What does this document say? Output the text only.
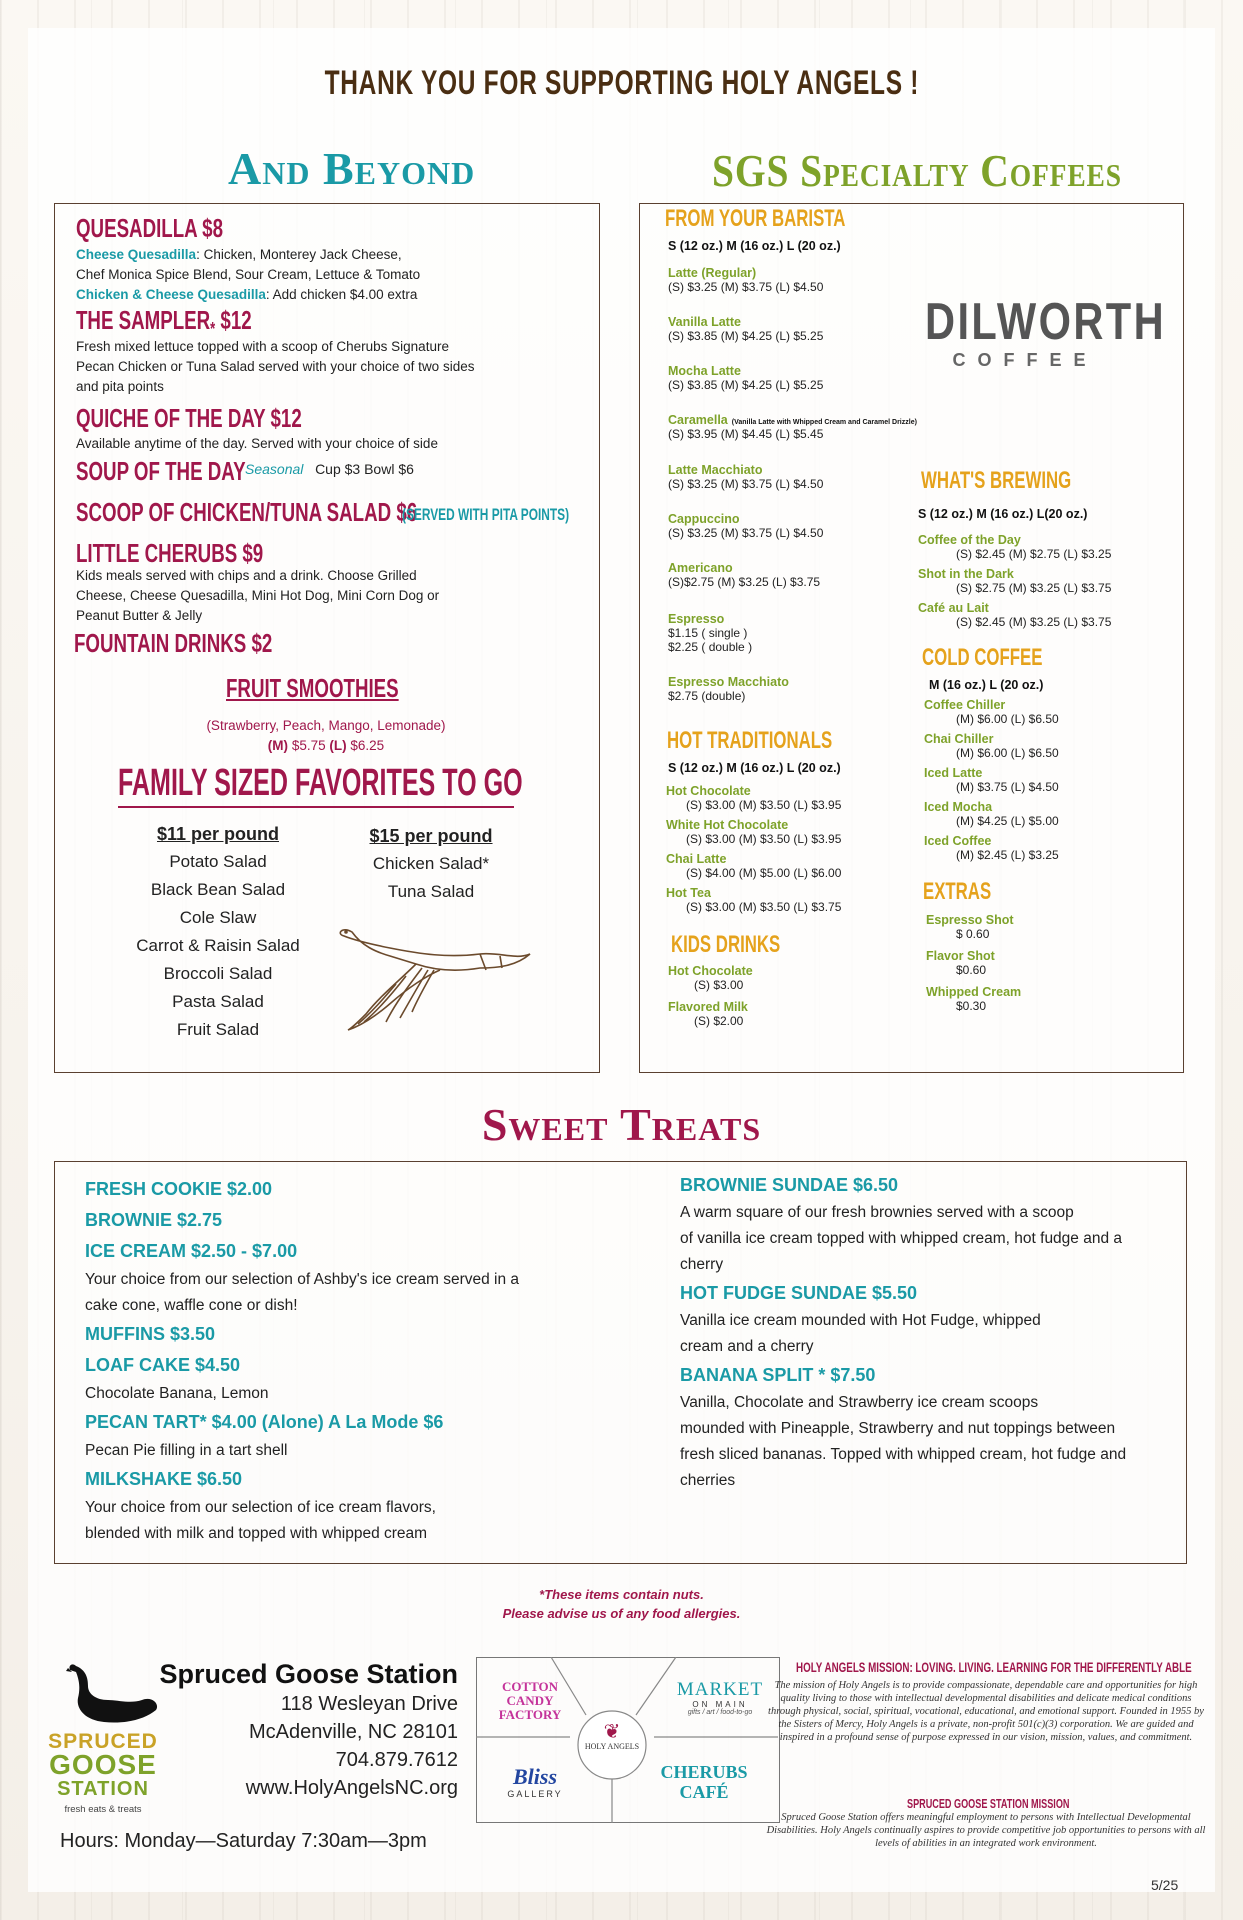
THANK YOU FOR SUPPORTING HOLY ANGELS !
And Beyond	SGS Specialty Coffees
QUESADILLA $8
Cheese Quesadilla: Chicken, Monterey Jack Cheese,
Chef Monica Spice Blend, Sour Cream, Lettuce & Tomato
Chicken & Cheese Quesadilla: Add chicken $4.00 extra
THE $SAMPLER_*$ $12
Fresh mixed lettuce topped with a scoop of Cherubs Signature
Pecan Chicken or Tuna Salad served with your choice of two sides
and pita points
QUICHE OF THE DAY $12
Available anytime of the day. Served with your choice of side
SOUP OF THE DAY Seasonal Cup $3 Bowl $6
SCOOP OF CHICKEN/TUNA SALAD $6
(SERVED WITH PITA POINTS)
LITTLE CHERUBS $9
Kids meals served with chips and a drink. Choose Grilled
Cheese, Cheese Quesadilla, Mini Hot Dog, Mini Corn Dog or
Peanut Butter & Jelly
FOUNTAIN DRINKS $2
FRUIT SMOOTHIES
(Strawberry, Peach, Mango, Lemonade)
(M) $5.75 (L) $6.25
FAMILY SIZED FAVORITES TO GO
$11 per pound
Potato Salad
Black Bean Salad
Cole Slaw
Carrot & Raisin Salad
Broccoli Salad
Pasta Salad
Fruit Salad
$15 per pound
Chicken Salad*
Tuna Salad
FROM YOUR BARISTA
S (12 oz.) M (16 oz.) L (20 oz.)
Latte (Regular)
(S) $3.25 (M) $3.75 (L) $4.50
Vanilla Latte
(S) $3.85 (M) $4.25 (L) $5.25
Mocha Latte
(S) $3.85 (M) $4.25 (L) $5.25
Caramella (Vanilla Latte with Whipped Cream and Caramel Drizzle)
(S) $3.95 (M) $4.45 (L) $5.45
Latte Macchiato
(S) $3.25 (M) $3.75 (L) $4.50
Cappuccino
(S) $3.25 (M) $3.75 (L) $4.50
Americano
(S)$2.75 (M) $3.25 (L) $3.75
Espresso
$1.15 ( single )
$2.25 ( double )
Espresso Macchiato
$2.75 (double)
HOT TRADITIONALS
S (12 oz.) M (16 oz.) L (20 oz.)
Hot Chocolate
(S) $3.00 (M) $3.50 (L) $3.95
White Hot Chocolate
(S) $3.00 (M) $3.50 (L) $3.95
Chai Latte
(S) $4.00 (M) $5.00 (L) $6.00
Hot Tea
(S) $3.00 (M) $3.50 (L) $3.75
KIDS DRINKS
Hot Chocolate
(S) $3.00
Flavored Milk
(S) $2.00
DILWORTH
COFFEE
WHAT'S BREWING
S (12 oz.) M (16 oz.) L(20 oz.)
Coffee of the Day
(S) $2.45 (M) $2.75 (L) $3.25
Shot in the Dark
(S) $2.75 (M) $3.25 (L) $3.75
Café au Lait
(S) $2.45 (M) $3.25 (L) $3.75
COLD COFFEE
M (16 oz.) L (20 oz.)
Coffee Chiller
(M) $6.00 (L) $6.50
Chai Chiller
(M) $6.00 (L) $6.50
Iced Latte
(M) $3.75 (L) $4.50
Iced Mocha
(M) $4.25 (L) $5.00
Iced Coffee
(M) $2.45 (L) $3.25
EXTRAS
Espresso Shot
$ 0.60
Flavor Shot
$0.60
Whipped Cream
$0.30
Sweet Treats
FRESH COOKIE $2.00
BROWNIE $2.75
ICE CREAM $2.50 - $7.00
Your choice from our selection of Ashby's ice cream served in a
cake cone, waffle cone or dish!
MUFFINS $3.50
LOAF CAKE $4.50
Chocolate Banana, Lemon
PECAN TART* $4.00 (Alone) A La Mode $6
Pecan Pie filling in a tart shell
MILKSHAKE $6.50
Your choice from our selection of ice cream flavors,
blended with milk and topped with whipped cream
BROWNIE SUNDAE $6.50
A warm square of our fresh brownies served with a scoop
of vanilla ice cream topped with whipped cream, hot fudge and a
cherry
HOT FUDGE SUNDAE $5.50
Vanilla ice cream mounded with Hot Fudge, whipped
cream and a cherry
BANANA SPLIT * $7.50
Vanilla, Chocolate and Strawberry ice cream scoops
mounded with Pineapple, Strawberry and nut toppings between
fresh sliced bananas. Topped with whipped cream, hot fudge and
cherries
*These items contain nuts.
Please advise us of any food allergies.
SPRUCED
GOOSE
STATION
fresh eats & treats
Spruced Goose Station
118 Wesleyan Drive
McAdenville, NC 28101
704.879.7612
www.HolyAngelsNC.org
Hours: Monday—Saturday 7:30am—3pm
COTTON CANDY FACTORY
❦
HOLY ANGELS
MARKET
ON MAIN
gifts / art / food-to-go
Bliss
GALLERY
CHERUBS CAFÉ
HOLY ANGELS MISSION: LOVING. LIVING. LEARNING FOR THE DIFFERENTLY ABLE
The mission of Holy Angels is to provide compassionate, dependable care and opportunities for high quality living to those with intellectual developmental disabilities and delicate medical conditions through physical, social, spiritual, vocational, educational, and emotional support. Founded in 1955 by the Sisters of Mercy, Holy Angels is a private, non-profit 501(c)(3) corporation. We are guided and inspired in a profound sense of purpose expressed in our vision, mission, values, and commitment.
SPRUCED GOOSE STATION MISSION
Spruced Goose Station offers meaningful employment to persons with Intellectual Developmental Disabilities. Holy Angels continually aspires to provide competitive job opportunities to persons with all levels of abilities in an integrated work environment.
5/25
